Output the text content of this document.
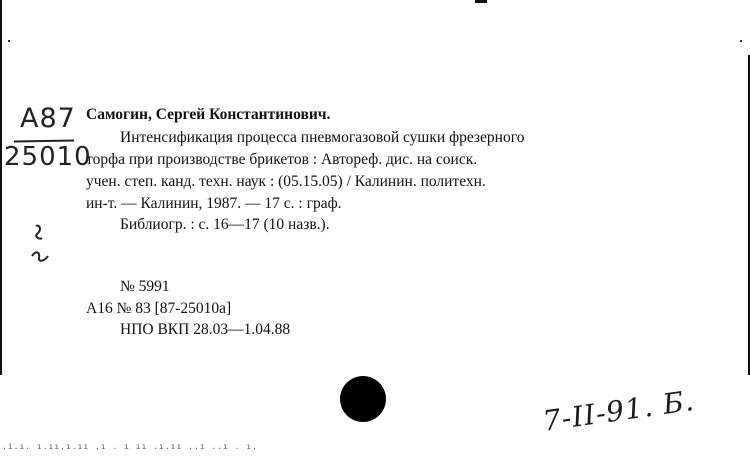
A87
25010
Самогин, Сергей Константинович.
Интенсификация процесса пневмогазовой сушки фрезерного
торфа при производстве брикетов : Автореф. дис. на соиск.
учен. степ. канд. техн. наук : (05.15.05) / Калинин. политехн.
ин-т. — Калинин, 1987. — 17 с. : граф.
Библиогр. : с. 16—17 (10 назв.).
№ 5991
А16 № 83 [87-25010а]
НПО ВКП 28.03—1.04.88
7-II-91. Б.
.i.ı. ı.ıı.ı.ıı .ı . ı ıı .ı.ıı ..ı ..ı . ı.
